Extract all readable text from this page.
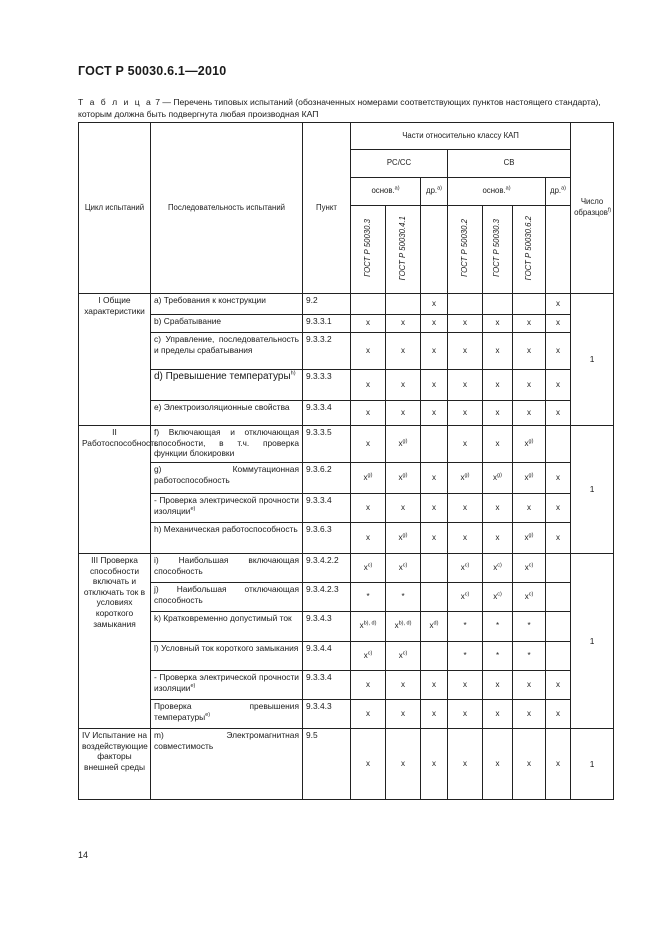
ГОСТ Р 50030.6.1—2010
Т а б л и ц а 7 — Перечень типовых испытаний (обозначенных номерами соответствующих пунктов настоящего стандарта), которым должна быть подвергнута любая производная КАП
Цикл испытаний	Последовательность испытаний	Пункт	Части относительно классу КАП							Число образцов$^{f)}$
			PC/CC			CB				
			основ.$^{а)}$		др.$^{а)}$	основ.$^{а)}$			др.$^{а)}$
			ГОСТ Р 50030.3	ГОСТ Р 50030.4.1		ГОСТ Р 50030.2	ГОСТ Р 50030.3	ГОСТ Р 50030.6.2		
I Общие характеристики	a) Требования к конструкции	9.2			x				x	1
	b) Срабатывание	9.3.3.1	x	x	x	x	x	x	x	
	c) Управление, последовательность и пределы срабатывания	9.3.3.2	x	x	x	x	x	x	x	
	d) Превышение температуры$^{h)}$	9.3.3.3	x	x	x	x	x	x	x	
	e) Электроизоляционные свойства	9.3.3.4	x	x	x	x	x	x	x	
II Работоспособность	f) Включающая и отключающая способности, в т.ч. проверка функции блокировки	9.3.3.5	x	$x^{g)}$		x	x	$x^{g)}$		1
	g) Коммутационная работоспособность	9.3.6.2	$x^{g)}$	$x^{g)}$	x	$x^{g)}$	$x^{g)}$	$x^{g)}$	x	
	- Проверка электрической прочности изоляции$^{e)}$	9.3.3.4	x	x	x	x	x	x	x	
	h) Механическая работоспособность	9.3.6.3	x	$x^{g)}$	x	x	x	$x^{g)}$	x	
III Проверка способности включать и отключать ток в условиях короткого замыкания	i) Наибольшая включающая способность	9.3.4.2.2	$x^{c)}$	$x^{c)}$		$x^{c)}$	$x^{c)}$	$x^{c)}$		1
	j) Наибольшая отключающая способность	9.3.4.2.3	*	*		$x^{c)}$	$x^{c)}$	$x^{c)}$	
	k) Кратковременно допустимый ток	9.3.4.3	$x^{b), d)}$	$x^{b), d)}$	$x^{d)}$	*	*	*		
	l) Условный ток короткого замыкания	9.3.4.4	$x^{c)}$	$x^{c)}$		*	*	*		
	- Проверка электрической прочности изоляции$^{e)}$	9.3.3.4	x	x	x	x	x	x	x	
	Проверка превышения температуры$^{e)}$	9.3.4.3	x	x	x	x	x	x	x	
IV Испытание на воздействующие факторы внешней среды	m) Электромагнитная совместимость	9.5	x	x	x	x	x	x	x	1
14
